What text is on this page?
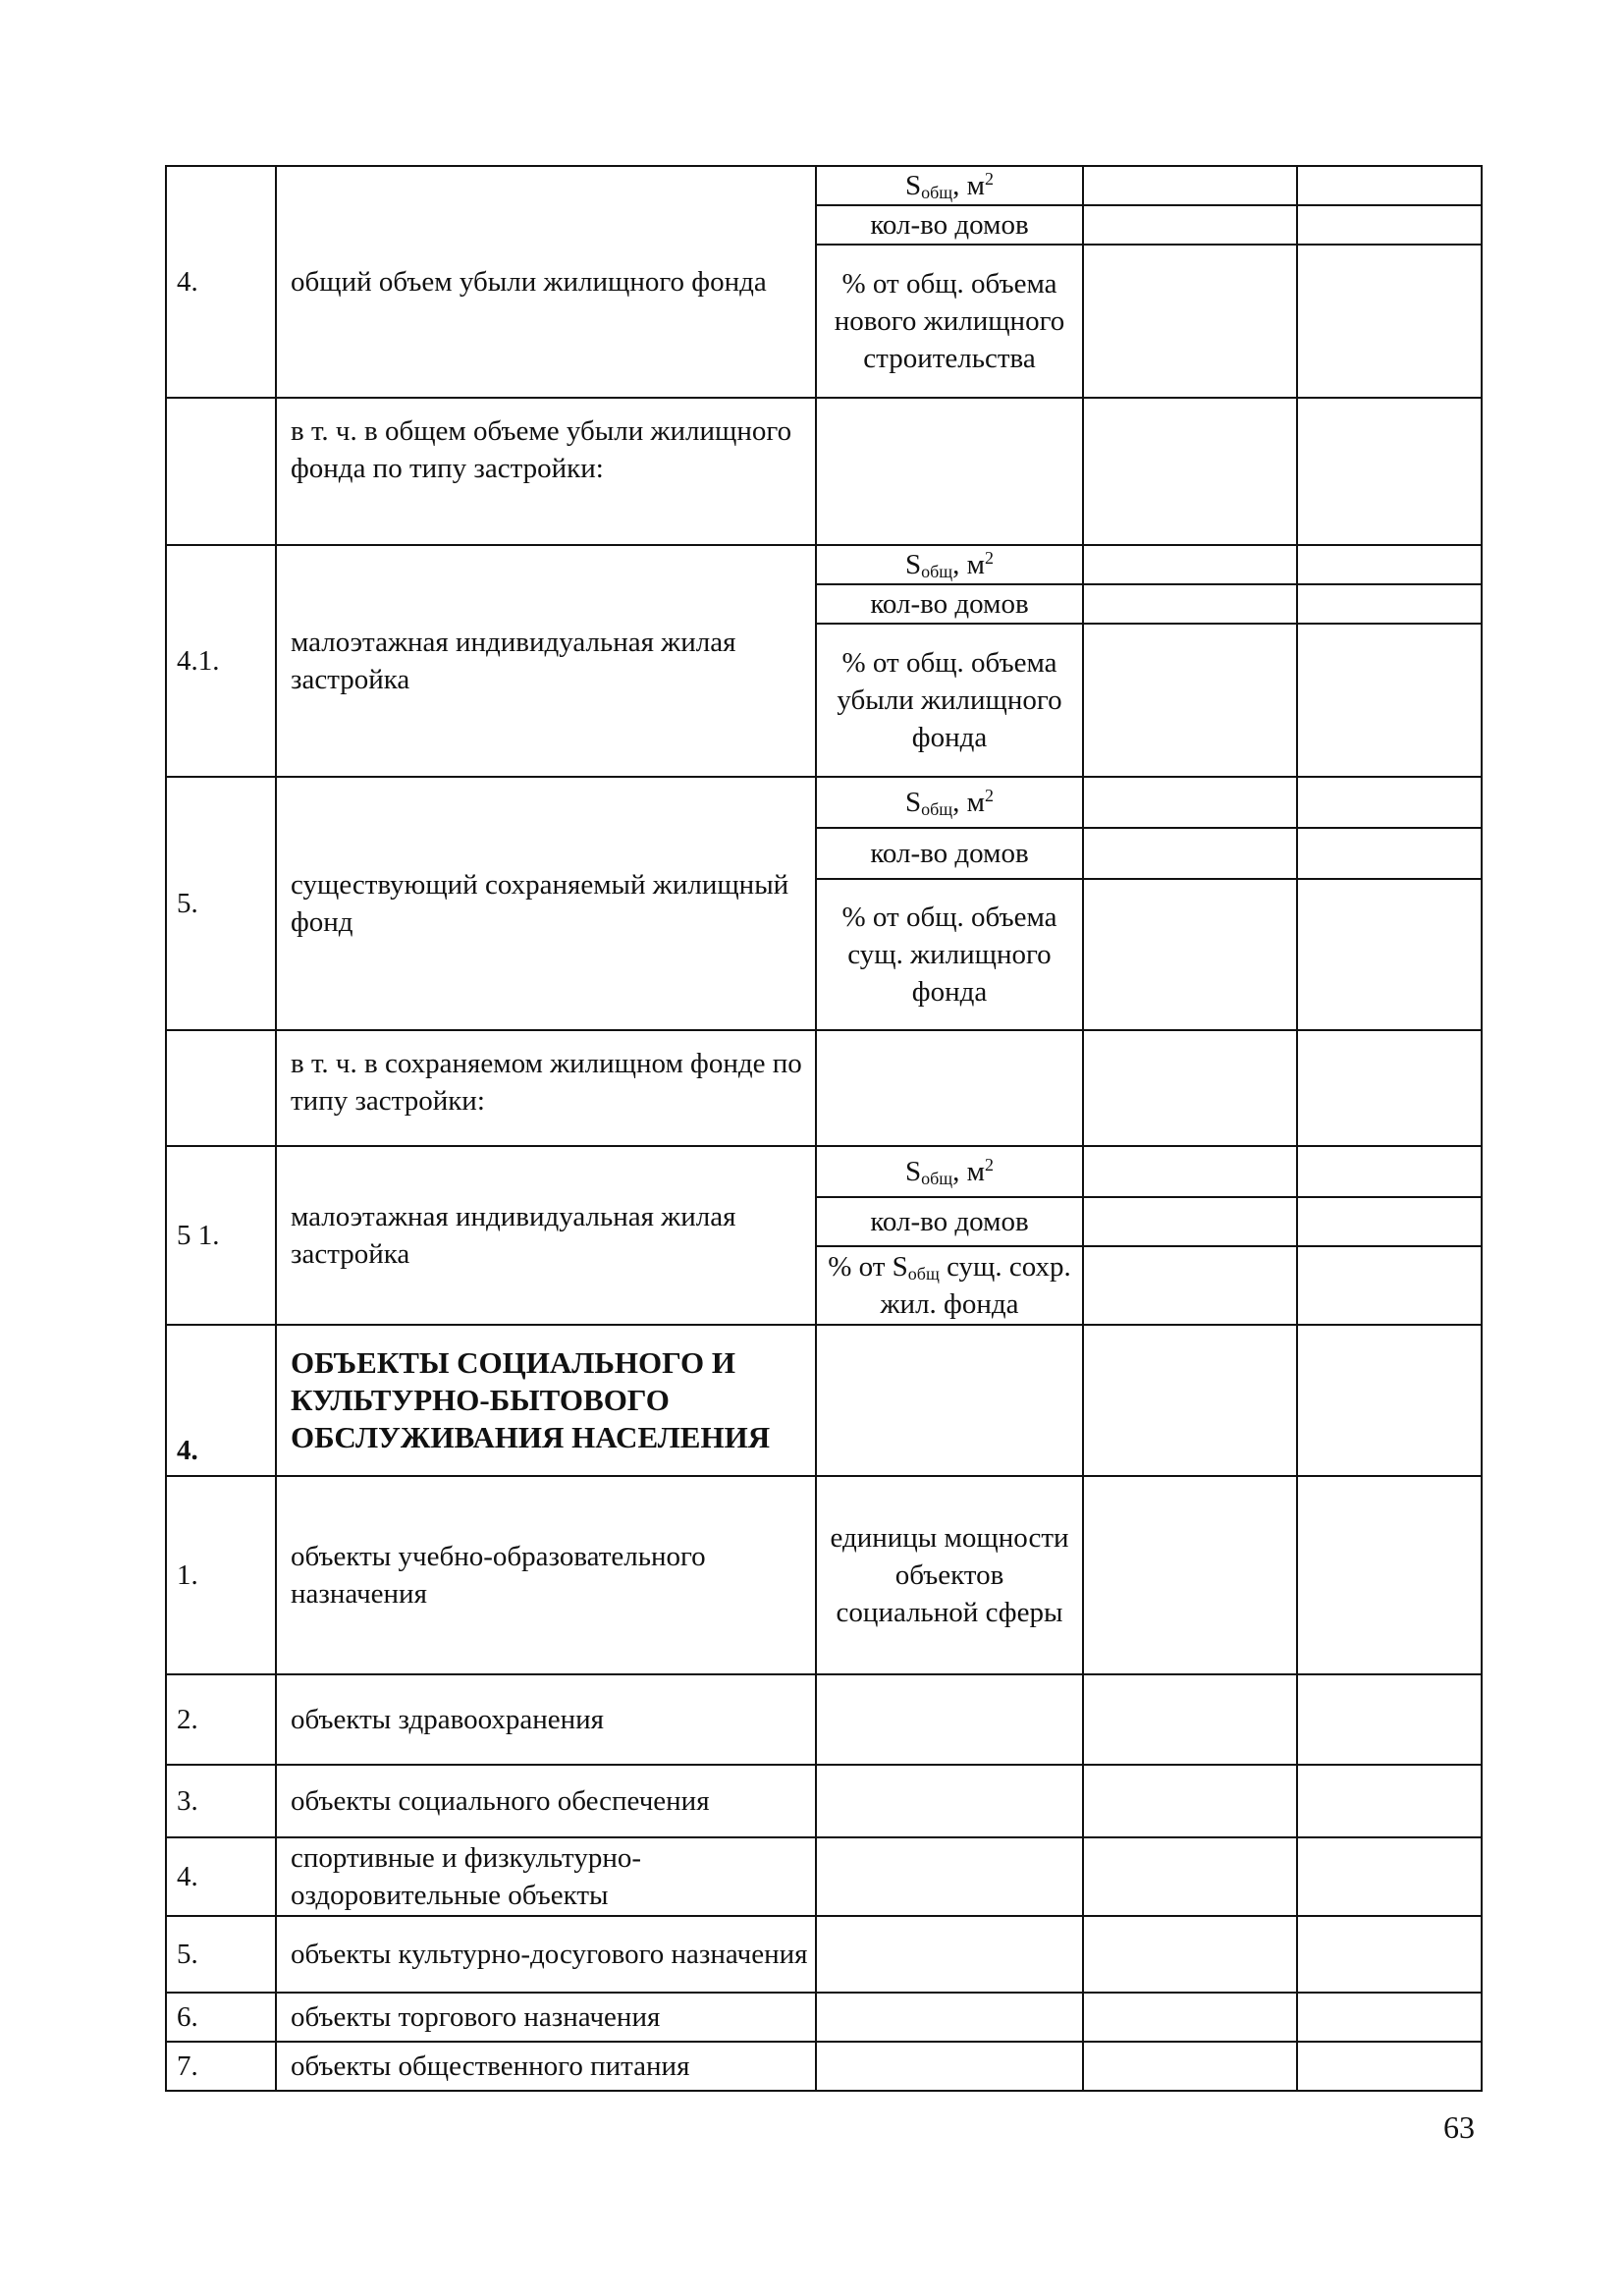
4.	общий объем убыли жилищного фонда	$S_{общ}$, $м^2$		
		кол-во домов		
		% от общ. объема нового жилищного строительства		
	в т. ч. в общем объеме убыли жилищного фонда по типу застройки:			
4.1.	малоэтажная индивидуальная жилая застройка	$S_{общ}$, $м^2$		
		кол-во домов		
		% от общ. объема убыли жилищного фонда		
5.	существующий сохраняемый жилищный фонд	$S_{общ}$, $м^2$		
		кол-во домов		
		% от общ. объема сущ. жилищного фонда		
	в т. ч. в сохраняемом жилищном фонде по типу застройки:			
5 1.	малоэтажная индивидуальная жилая застройка	$S_{общ}$, $м^2$		
		кол-во домов		
		% от $S_{общ}$ сущ. сохр. жил. фонда		
4.	ОБЪЕКТЫ СОЦИАЛЬНОГО И КУЛЬТУРНО-БЫТОВОГО ОБСЛУЖИВАНИЯ НАСЕЛЕНИЯ			
1.	объекты учебно-образовательного назначения	единицы мощности объектов социальной сферы		
2.	объекты здравоохранения			
3.	объекты социального обеспечения			
4.	спортивные и физкультурно-оздоровительные объекты			
5.	объекты культурно-досугового назначения			
6.	объекты торгового назначения			
7.	объекты общественного питания			
63
